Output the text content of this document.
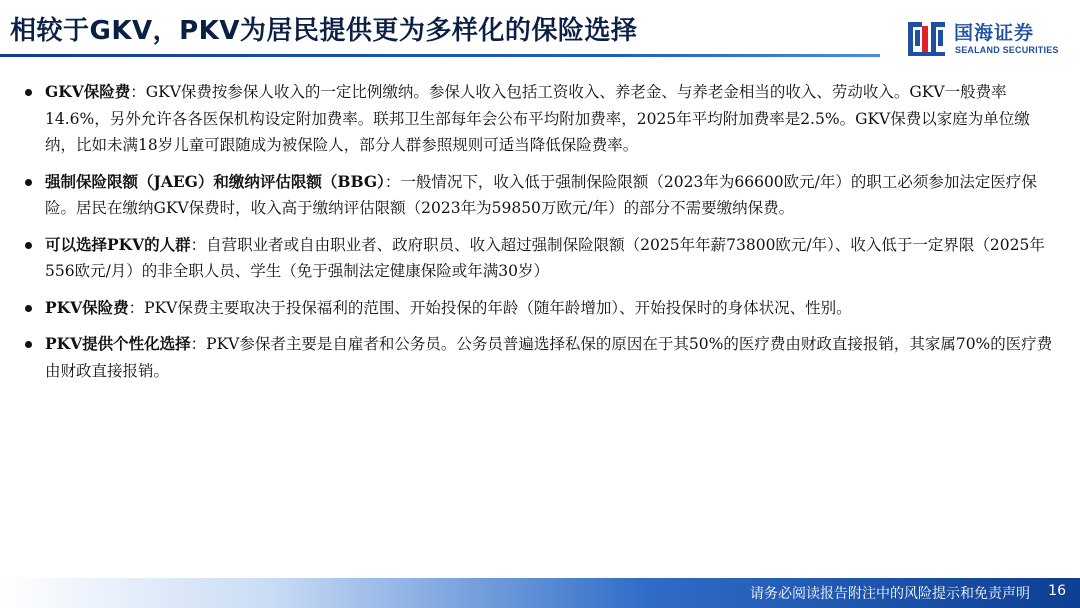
相较于GKV，PKV为居民提供更为多样化的保险选择	国海证券
SEALAND SECURITIES
GKV保险费：GKV保费按参保人收入的一定比例缴纳。参保人收入包括工资收入、养老金、与养老金相当的收入、劳动收入。GKV一般费率14.6%，另外允许各各医保机构设定附加费率。联邦卫生部每年会公布平均附加费率，2025年平均附加费率是2.5%。GKV保费以家庭为单位缴纳，比如未满18岁儿童可跟随成为被保险人，部分人群参照规则可适当降低保险费率。
强制保险限额（JAEG）和缴纳评估限额（BBG）：一般情况下，收入低于强制保险限额（2023年为66600欧元/年）的职工必须参加法定医疗保险。居民在缴纳GKV保费时，收入高于缴纳评估限额（2023年为59850万欧元/年）的部分不需要缴纳保费。
可以选择PKV的人群：自营职业者或自由职业者、政府职员、收入超过强制保险限额（2025年年薪73800欧元/年）、收入低于一定界限（2025年556欧元/月）的非全职人员、学生（免于强制法定健康保险或年满30岁）
PKV保险费：PKV保费主要取决于投保福利的范围、开始投保的年龄（随年龄增加）、开始投保时的身体状况、性别。
PKV提供个性化选择：PKV参保者主要是自雇者和公务员。公务员普遍选择私保的原因在于其50%的医疗费由财政直接报销，其家属70%的医疗费由财政直接报销。
请务必阅读报告附注中的风险提示和免责声明 16
